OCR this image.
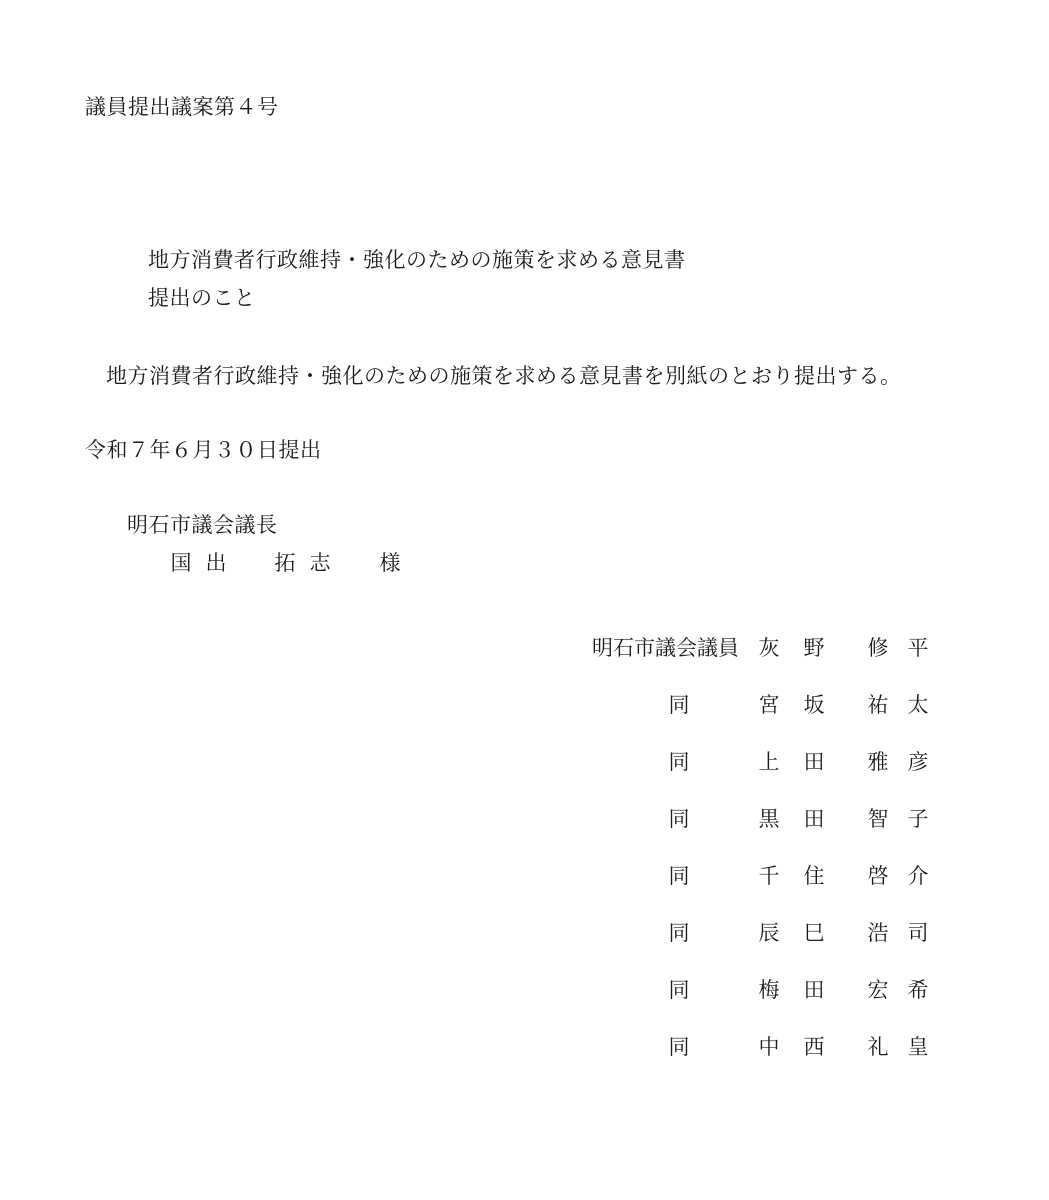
議員提出議案第４号
地方消費者行政維持・強化のための施策を求める意見書
提出のこと
地方消費者行政維持・強化のための施策を求める意見書を別紙のとおり提出する。
令和７年６月３０日提出
明石市議会議長
国 出 拓 志 様
明石市議会議員 灰 野 修 平
同	宮 坂 祐 太
同	上 田 雅 彦
同	黒 田 智 子
同	千 住 啓 介
同	辰 巳 浩 司
同	梅 田 宏 希
同	中 西 礼 皇
